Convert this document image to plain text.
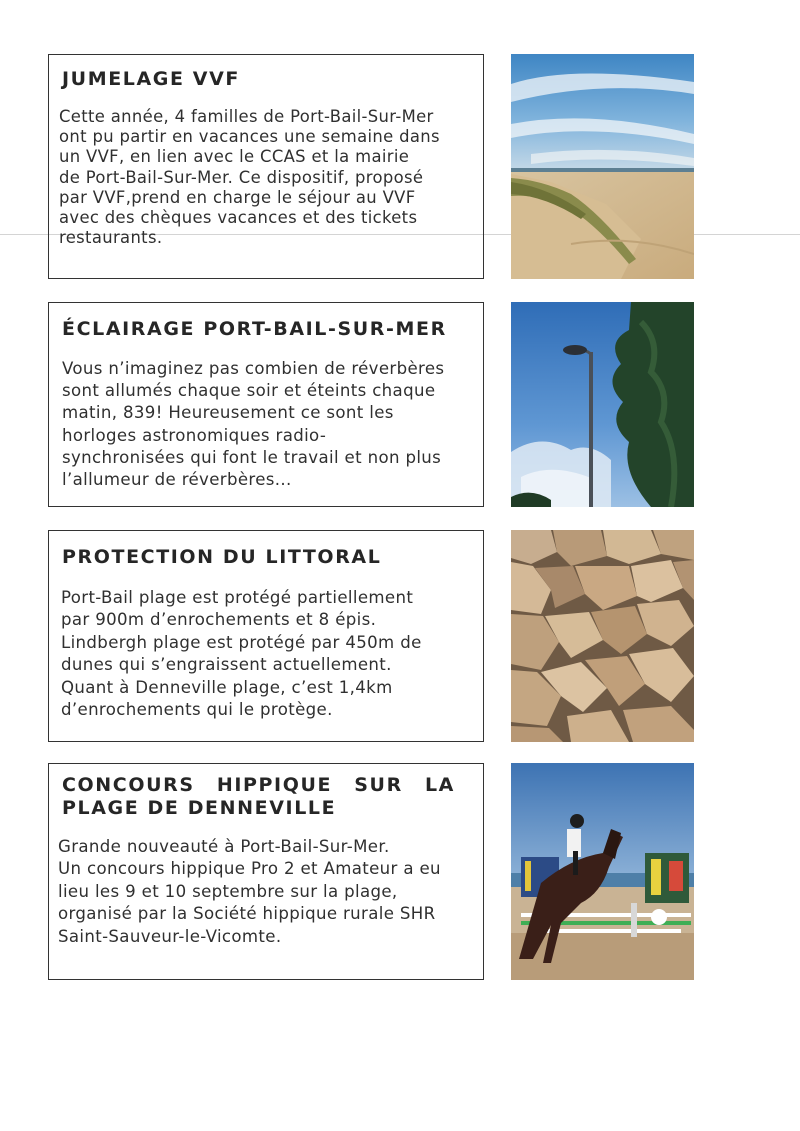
JUMELAGE VVF
Cette année, 4 familles de Port-Bail-Sur-Mer
ont pu partir en vacances une semaine dans
un VVF, en lien avec le CCAS et la mairie
de Port-Bail-Sur-Mer. Ce dispositif, proposé
par VVF,prend en charge le séjour au VVF
avec des chèques vacances et des tickets
restaurants.
ÉCLAIRAGE PORT-BAIL-SUR-MER
Vous n’imaginez pas combien de réverbères
sont allumés chaque soir et éteints chaque
matin, 839! Heureusement ce sont les
horloges astronomiques radio-
synchronisées qui font le travail et non plus
l’allumeur de réverbères...
PROTECTION DU LITTORAL
Port-Bail plage est protégé partiellement
par 900m d’enrochements et 8 épis.
Lindbergh plage est protégé par 450m de
dunes qui s’engraissent actuellement.
Quant à Denneville plage, c’est 1,4km
d’enrochements qui le protège.
CONCOURS HIPPIQUE SUR LA
PLAGE DE DENNEVILLE
Grande nouveauté à Port-Bail-Sur-Mer.
Un concours hippique Pro 2 et Amateur a eu
lieu les 9 et 10 septembre sur la plage,
organisé par la Société hippique rurale SHR
Saint-Sauveur-le-Vicomte.
